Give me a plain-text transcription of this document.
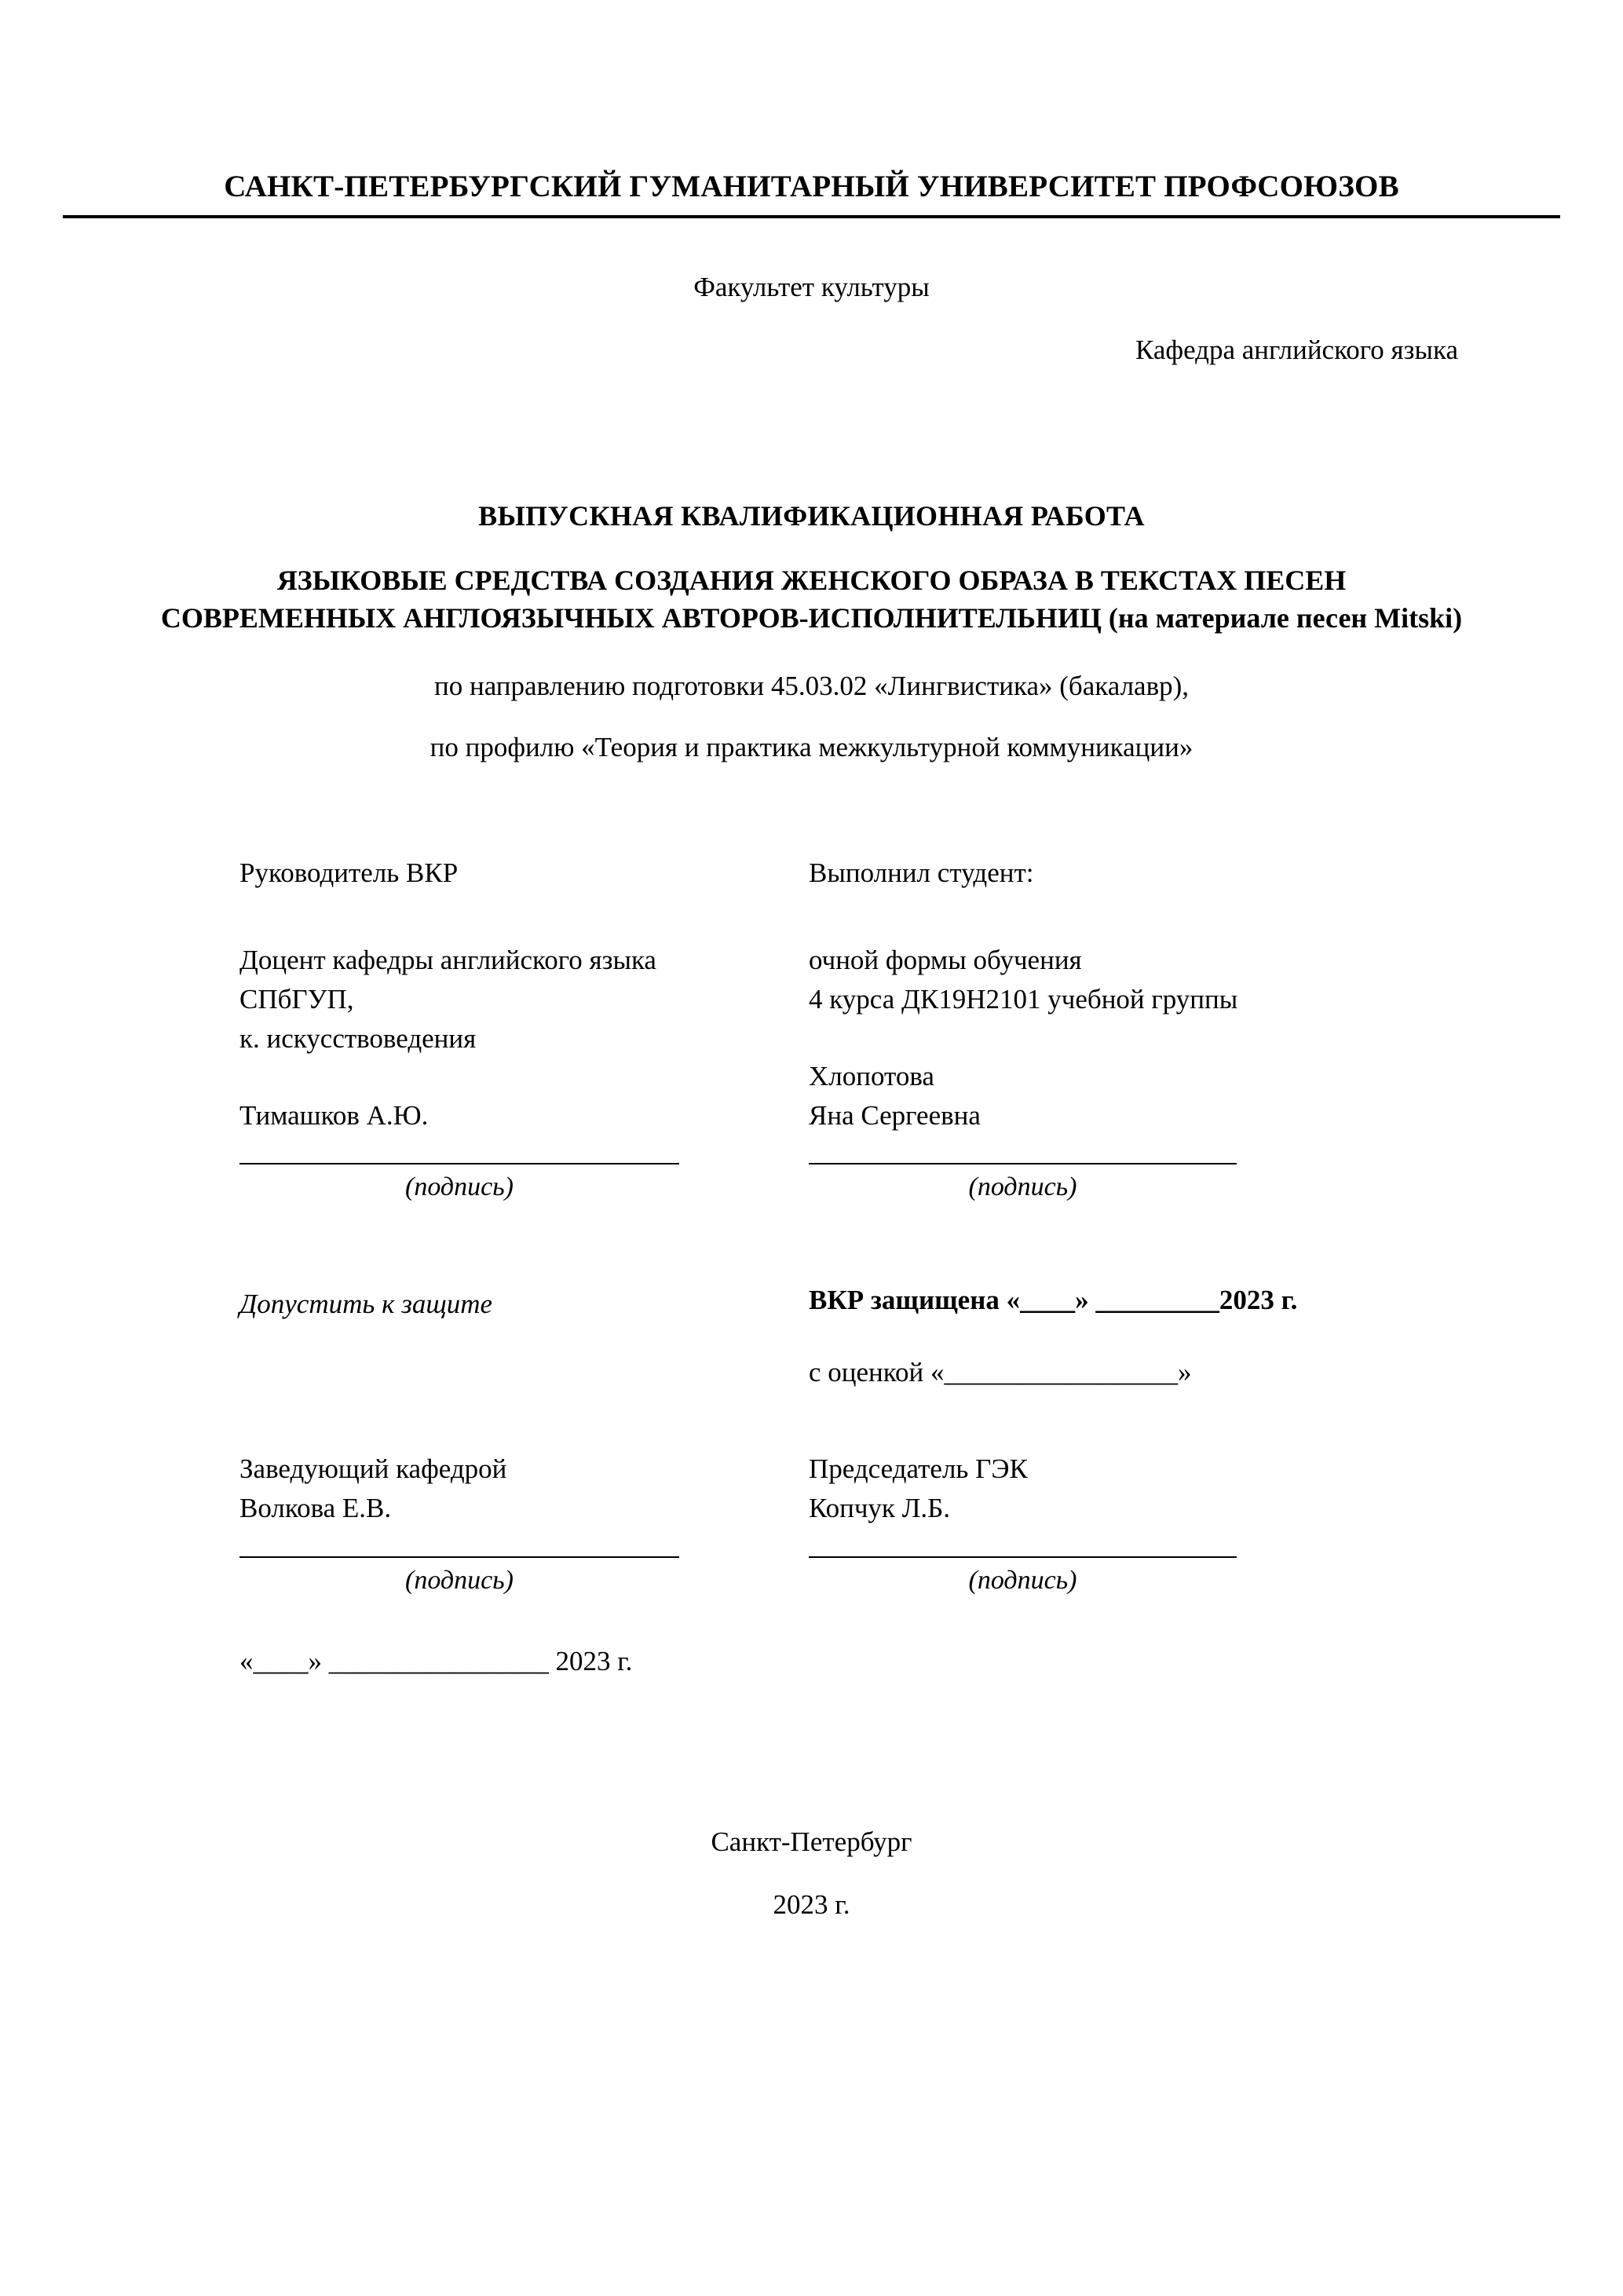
САНКТ-ПЕТЕРБУРГСКИЙ ГУМАНИТАРНЫЙ УНИВЕРСИТЕТ ПРОФСОЮЗОВ
Факультет культуры
Кафедра английского языка
ВЫПУСКНАЯ КВАЛИФИКАЦИОННАЯ РАБОТА
ЯЗЫКОВЫЕ СРЕДСТВА СОЗДАНИЯ ЖЕНСКОГО ОБРАЗА В ТЕКСТАХ ПЕСЕН СОВРЕМЕННЫХ АНГЛОЯЗЫЧНЫХ АВТОРОВ-ИСПОЛНИТЕЛЬНИЦ (на материале песен Mitski)
по направлению подготовки 45.03.02 «Лингвистика» (бакалавр),
по профилю «Теория и практика межкультурной коммуникации»
Руководитель ВКР
Доцент кафедры английского языка
СПбГУП,
к. искусствоведения
Тимашков А.Ю.
(подпись)
Выполнил студент:
очной формы обучения
4 курса ДК19Н2101 учебной группы
Хлопотова
Яна Сергеевна
(подпись)
Допустить к защите	ВКР защищена «____» _________2023 г.
с оценкой «_________________»
Заведующий кафедрой
Волкова Е.В.
(подпись)
Председатель ГЭК
Копчук Л.Б.
(подпись)
«____» ________________ 2023 г.
Санкт-Петербург
2023 г.
